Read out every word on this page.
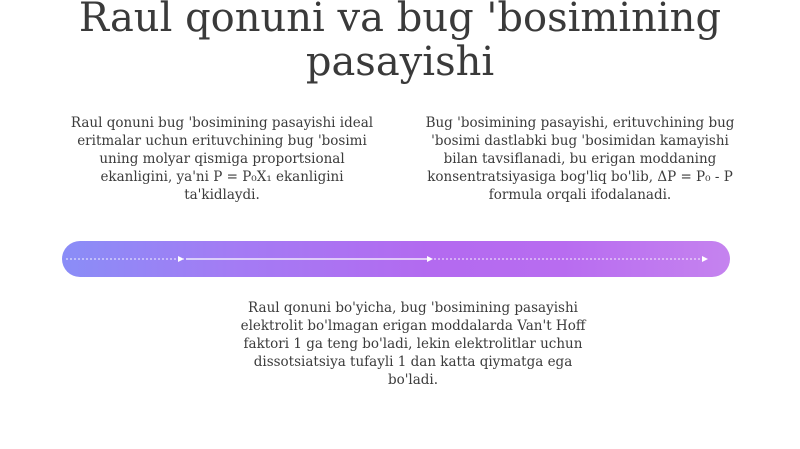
Raul qonuni va bug 'bosimining pasayishi

Raul qonuni bug 'bosimining pasayishi ideal eritmalar uchun erituvchining bug 'bosimi uning molyar qismiga proportsional ekanligini, ya'ni P = P₀X₁ ekanligini ta'kidlaydi.

Bug 'bosimining pasayishi, erituvchining bug 'bosimi dastlabki bug 'bosimidan kamayishi bilan tavsiflanadi, bu erigan moddaning konsentratsiyasiga bog'liq bo'lib, ΔP = P₀ - P formula orqali ifodalanadi.

Raul qonuni bo'yicha, bug 'bosimining pasayishi elektrolit bo'lmagan erigan moddalarda Van't Hoff faktori 1 ga teng bo'ladi, lekin elektrolitlar uchun dissotsiatsiya tufayli 1 dan katta qiymatga ega bo'ladi.
